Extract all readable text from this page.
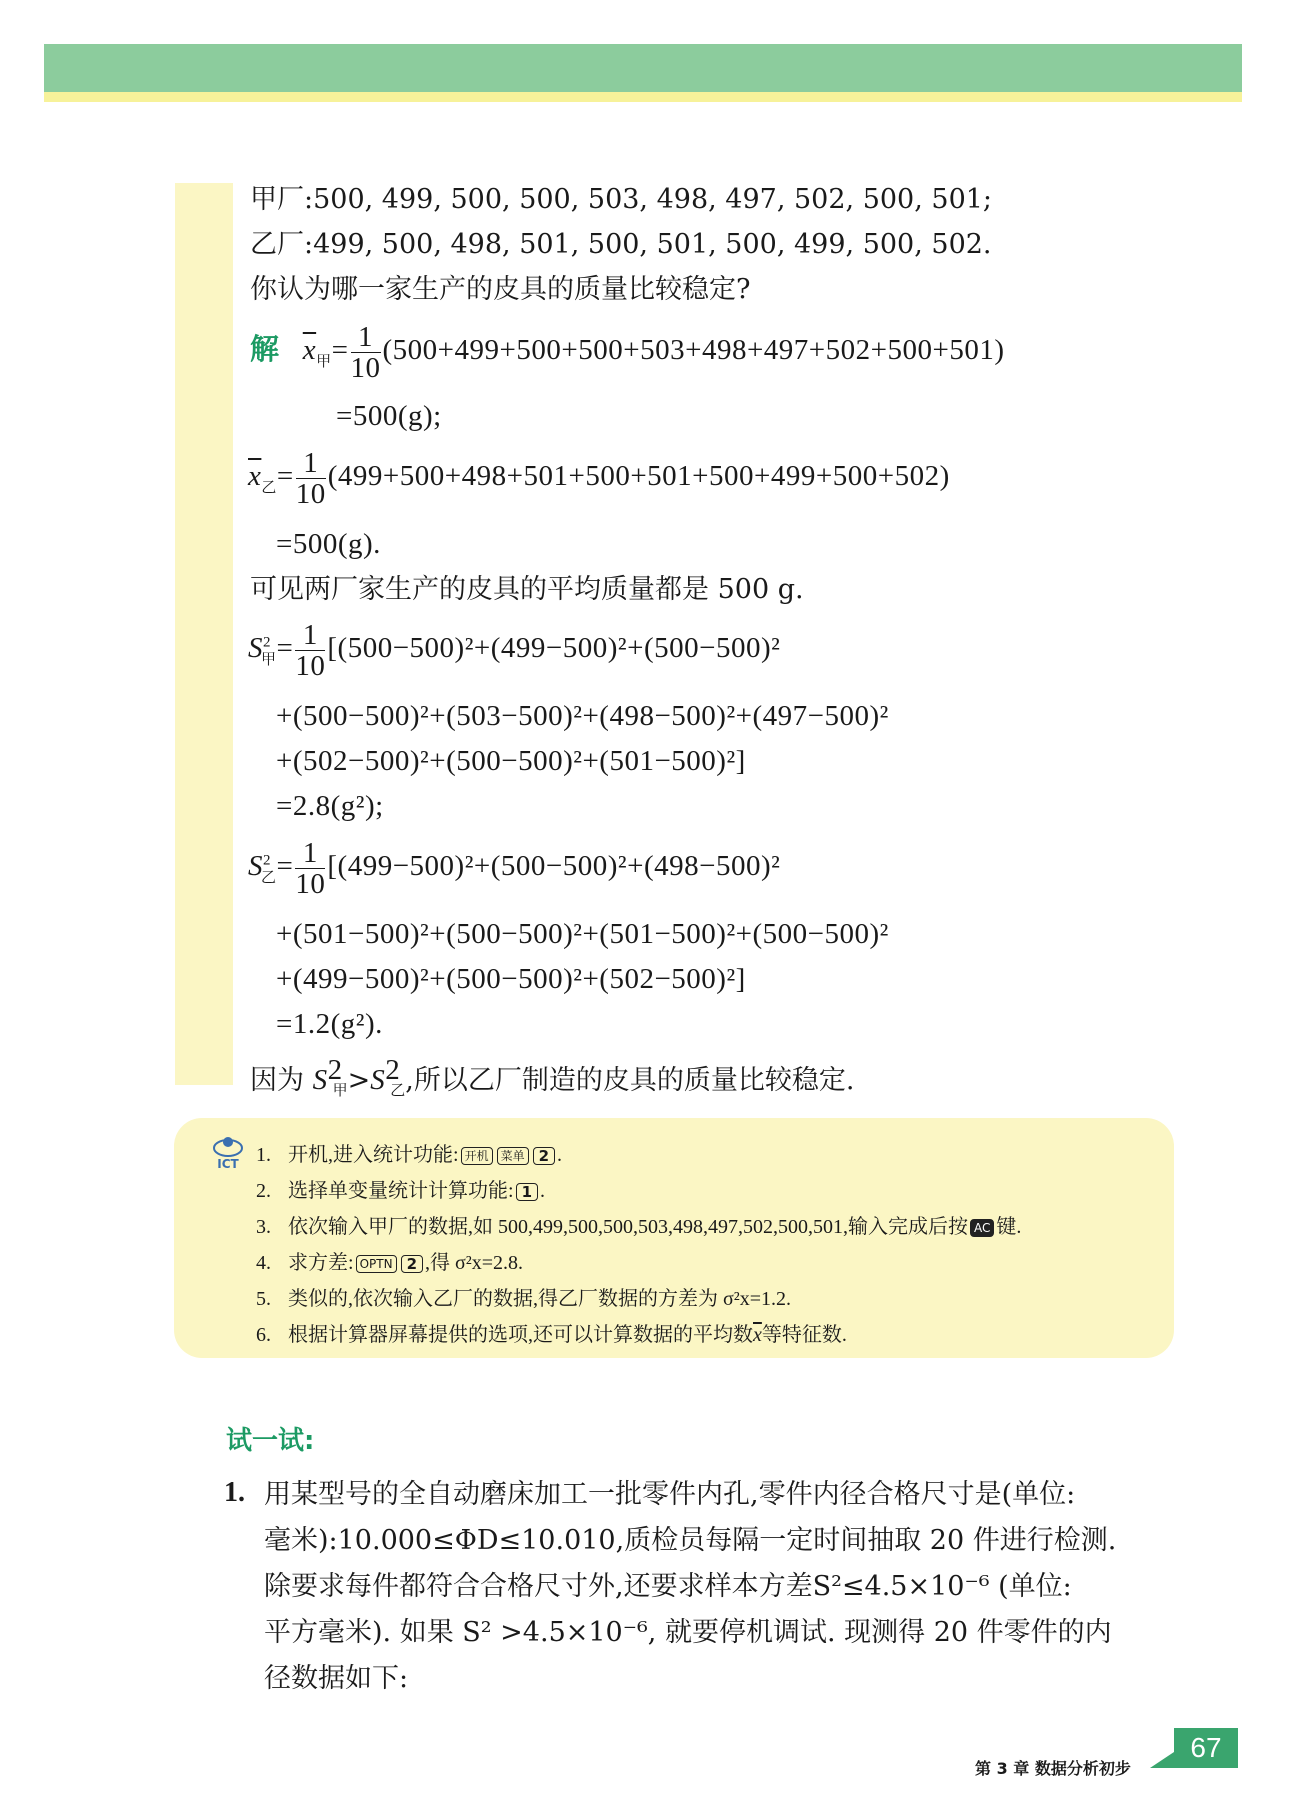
甲厂:500, 499, 500, 500, 503, 498, 497, 502, 500, 501;
乙厂:499, 500, 498, 501, 500, 501, 500, 499, 500, 502.
你认为哪一家生产的皮具的质量比较稳定?
解 $\overline{x}_甲= \frac{1}{10} (500+499+500+500+503+498+497+502+500+501)$
=500(g);
$\overline{x}_乙= \frac{1}{10} (499+500+498+501+500+501+500+499+500+502)$
=500(g).
可见两厂家生产的皮具的平均质量都是 500 g.
$S^2_甲= \frac{1}{10} [(500-500)^2+(499-500)^2+(500-500)^2$
+(500−500)²+(503−500)²+(498−500)²+(497−500)²
+(502−500)²+(500−500)²+(501−500)²]
=2.8(g²);
$S^2_乙= \frac{1}{10} [(499-500)^2+(500-500)^2+(498-500)^2$
+(501−500)²+(500−500)²+(501−500)²+(500−500)²
+(499−500)²+(500−500)²+(502−500)²]
=1.2(g²).
因为 $S^2_甲>S^2_乙$,所以乙厂制造的皮具的质量比较稳定.
ICT 1. 开机,进入统计功能: 开机 菜单 2 .
2. 选择单变量统计计算功能: 1 .
3. 依次输入甲厂的数据,如 500,499,500,500,503,498,497,502,500,501,输入完成后按 AC 键.
4. 求方差: OPTN 2 ,得 σ²x=2.8.
5. 类似的,依次输入乙厂的数据,得乙厂数据的方差为 σ²x=1.2.
6. 根据计算器屏幕提供的选项,还可以计算数据的平均数$\overline{x}$等特征数.
试一试:
1. 用某型号的全自动磨床加工一批零件内孔,零件内径合格尺寸是(单位:
毫米):10.000≤ΦD≤10.010,质检员每隔一定时间抽取 20 件进行检测.
除要求每件都符合合格尺寸外,还要求样本方差S²≤4.5×10⁻⁶ (单位:
平方毫米). 如果 S² >4.5×10⁻⁶, 就要停机调试. 现测得 20 件零件的内
径数据如下:
第 3 章 数据分析初步
67
